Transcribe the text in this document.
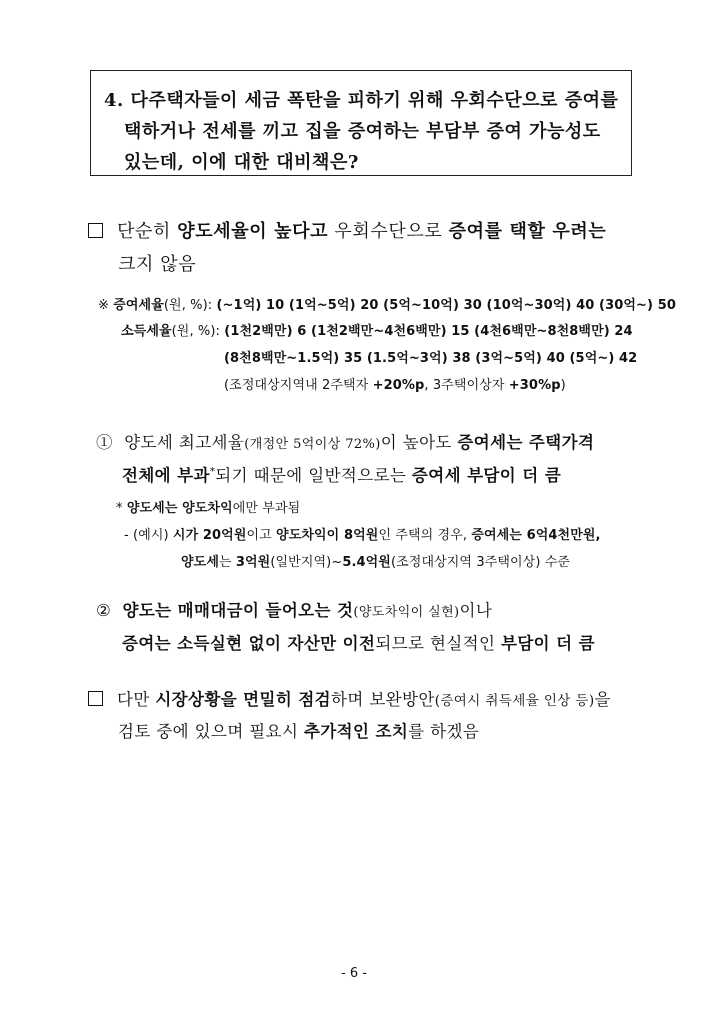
4. 다주택자들이 세금 폭탄을 피하기 위해 우회수단으로 증여를
택하거나 전세를 끼고 집을 증여하는 부담부 증여 가능성도
있는데, 이에 대한 대비책은?
단순히 양도세율이 높다고 우회수단으로 증여를 택할 우려는
크지 않음
※ 증여세율(원, %): (~1억) 10 (1억~5억) 20 (5억~10억) 30 (10억~30억) 40 (30억~) 50
소득세율(원, %): (1천2백만) 6 (1천2백만~4천6백만) 15 (4천6백만~8천8백만) 24
(8천8백만~1.5억) 35 (1.5억~3억) 38 (3억~5억) 40 (5억~) 42
(조정대상지역내 2주택자 +20%p, 3주택이상자 +30%p)
① 양도세 최고세율(개정안 5억이상 72%)이 높아도 증여세는 주택가격
전체에 부과*되기 때문에 일반적으로는 증여세 부담이 더 큼
* 양도세는 양도차익에만 부과됨
- (예시) 시가 20억원이고 양도차익이 8억원인 주택의 경우, 증여세는 6억4천만원,
양도세는 3억원(일반지역)~5.4억원(조정대상지역 3주택이상) 수준
② 양도는 매매대금이 들어오는 것(양도차익이 실현)이나
증여는 소득실현 없이 자산만 이전되므로 현실적인 부담이 더 큼
다만 시장상황을 면밀히 점검하며 보완방안(증여시 취득세율 인상 등)을
검토 중에 있으며 필요시 추가적인 조치를 하겠음
- 6 -
